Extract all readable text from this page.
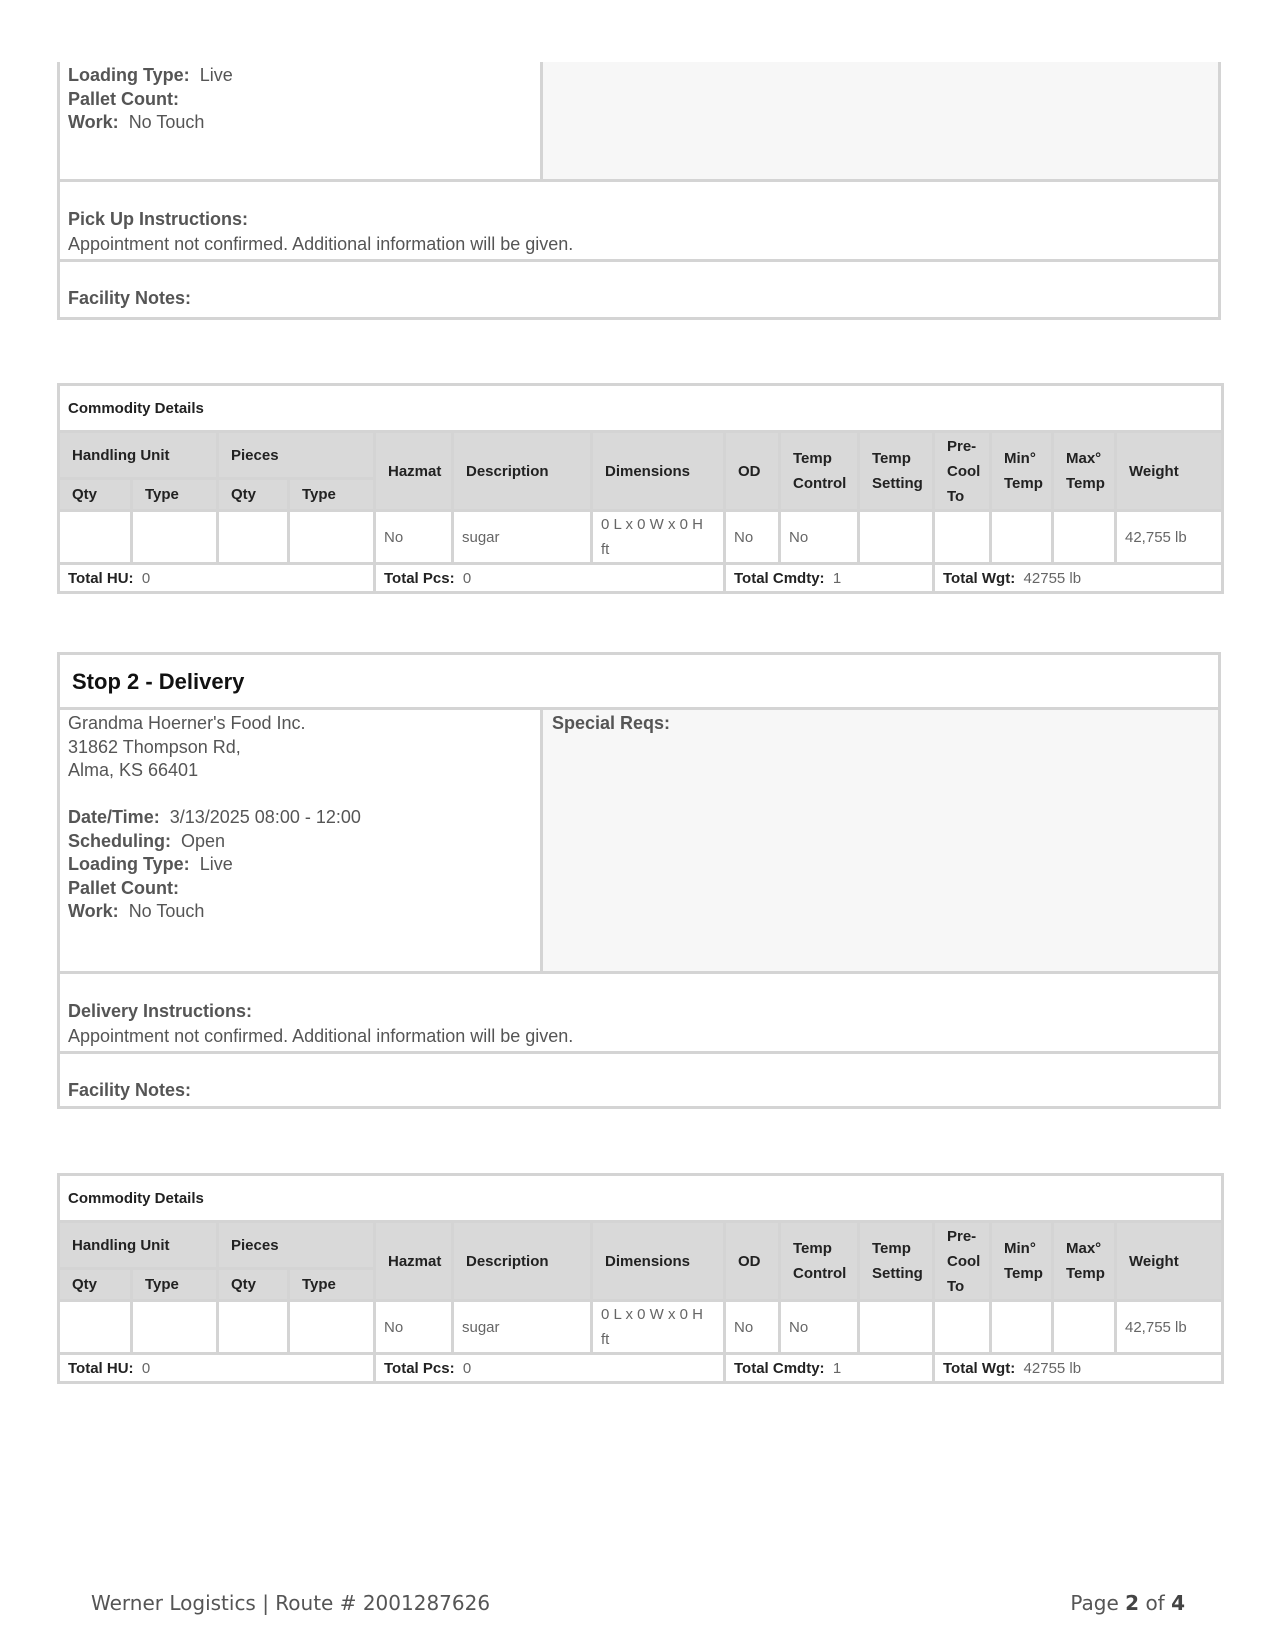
Loading Type: Live
Pallet Count:
Work: No Touch
Pick Up Instructions:
Appointment not confirmed. Additional information will be given.
Facility Notes:
Commodity Details													
Handling Unit		Pieces		Hazmat	Description	Dimensions	OD	Temp Control	Temp Setting	Pre-Cool To	Min° Temp	Max° Temp	Weight
Qty	Type	Qty	Type										
				No	sugar	0 L x 0 W x 0 H ft	No	No					42,755 lb
Total HU: 0				Total Pcs: 0			Total Cmdty: 1			Total Wgt: 42755 lb			
Stop 2 - Delivery
Grandma Hoerner's Food Inc.
31862 Thompson Rd,
Alma, KS 66401
Date/Time: 3/13/2025 08:00 - 12:00
Scheduling: Open
Loading Type: Live
Pallet Count:
Work: No Touch
Special Reqs:
Delivery Instructions:
Appointment not confirmed. Additional information will be given.
Facility Notes:
Commodity Details													
Handling Unit		Pieces		Hazmat	Description	Dimensions	OD	Temp Control	Temp Setting	Pre-Cool To	Min° Temp	Max° Temp	Weight
Qty	Type	Qty	Type										
				No	sugar	0 L x 0 W x 0 H ft	No	No					42,755 lb
Total HU: 0				Total Pcs: 0			Total Cmdty: 1			Total Wgt: 42755 lb			
Werner Logistics | Route # 2001287626	Page 2 of 4
